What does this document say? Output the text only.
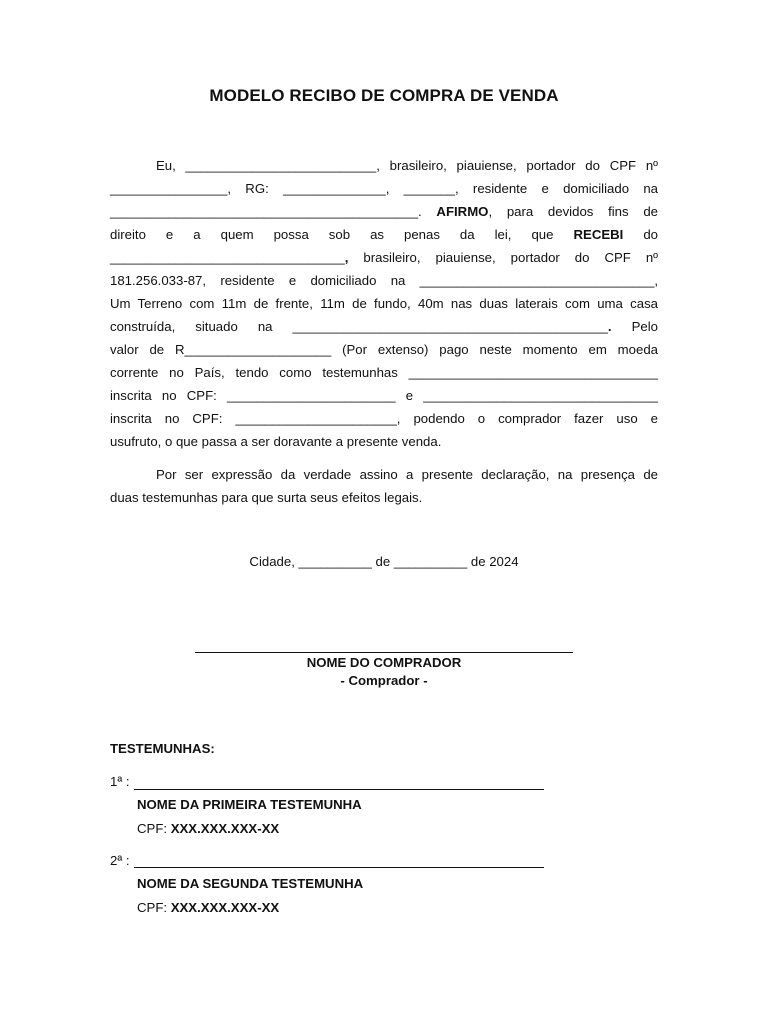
MODELO RECIBO DE COMPRA DE VENDA
Eu, __________________________, brasileiro, piauiense, portador do CPF nº
________________, RG: ______________, _______, residente e domiciliado na
__________________________________________. AFIRMO, para devidos fins de
direito e a quem possa sob as penas da lei, que RECEBI do
________________________________, brasileiro, piauiense, portador do CPF nº
181.256.033-87, residente e domiciliado na ________________________________,
Um Terreno com 11m de frente, 11m de fundo, 40m nas duas laterais com uma casa
construída, situado na ___________________________________________. Pelo
valor de R____________________ (Por extenso) pago neste momento em moeda
corrente no País, tendo como testemunhas __________________________________
inscrita no CPF: _______________________ e ________________________________
inscrita no CPF: ______________________, podendo o comprador fazer uso e
usufruto, o que passa a ser doravante a presente venda.
Por ser expressão da verdade assino a presente declaração, na presença de
duas testemunhas para que surta seus efeitos legais.
Cidade, __________ de __________ de 2024
NOME DO COMPRADOR
- Comprador -
TESTEMUNHAS:
1ª :
NOME DA PRIMEIRA TESTEMUNHA
CPF: XXX.XXX.XXX-XX
2ª :
NOME DA SEGUNDA TESTEMUNHA
CPF: XXX.XXX.XXX-XX
